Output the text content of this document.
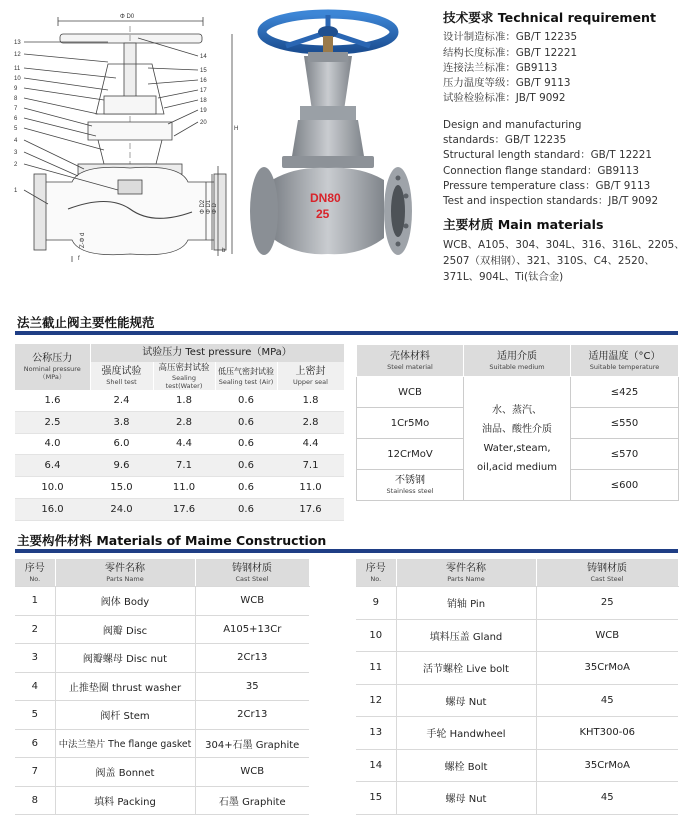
Φ D0
13
12
11
10
9
8
7
6
5
4
3
2
1
14
15
16
17
18
19
20
H
Φ D2 Φ D1 Φ D
b
Z-Φ d
f
DN80
25
技术要求 Technical requirement
设计制造标准：GB/T 12235
结构长度标准：GB/T 12221
连接法兰标准：GB9113
压力温度等级：GB/T 9113
试验检验标准：JB/T 9092
Design and manufacturing
standards：GB/T 12235
Structural length standard：GB/T 12221
Connection flange standard：GB9113
Pressure temperature class：GB/T 9113
Test and inspection standards：JB/T 9092
主要材质 Main materials
WCB、A105、304、304L、316、316L、2205、
2507（双相钢）、321、310S、C4、2520、
371L、904L、Ti(钛合金)
法兰截止阀主要性能规范
公称压力
Nominal pressure
（MPa）	试验压力 Test pressure（MPa）			

	强度试验
Shell test	高压密封试验
Sealing test(Water)	低压气密封试验
Sealing test (Air)	上密封
Upper seal

1.6	2.4	1.8	0.6	1.8
2.5	3.8	2.8	0.6	2.8
4.0	6.0	4.4	0.6	4.4
6.4	9.6	7.1	0.6	7.1
10.0	15.0	11.0	0.6	11.0
16.0	24.0	17.6	0.6	17.6
壳体材料
Steel material	适用介质
Suitable medium	适用温度（°C）
Suitable temperature

WCB	水、蒸汽、
油品、酸性介质
Water,steam,
oil,acid medium	≤425
1Cr5Mo		≤550
12CrMoV		≤570

不锈钢
Stainless steel		≤600
主要构件材料 Materials of Maime Construction
序号
No.	零件名称
Parts Name	铸钢材质
Cast Steel

1	阀体 Body	WCB
2	阀瓣 Disc	A105+13Cr
3	阀瓣螺母 Disc nut	2Cr13
4	止推垫圈 thrust washer	35
5	阀杆 Stem	2Cr13
6	中法兰垫片 The flange gasket	304+石墨 Graphite
7	阀盖 Bonnet	WCB
8	填料 Packing	石墨 Graphite
序号
No.	零件名称
Parts Name	铸钢材质
Cast Steel

9	销轴 Pin	25
10	填料压盖 Gland	WCB
11	活节螺栓 Live bolt	35CrMoA
12	螺母 Nut	45
13	手轮 Handwheel	KHT300-06
14	螺栓 Bolt	35CrMoA
15	螺母 Nut	45
